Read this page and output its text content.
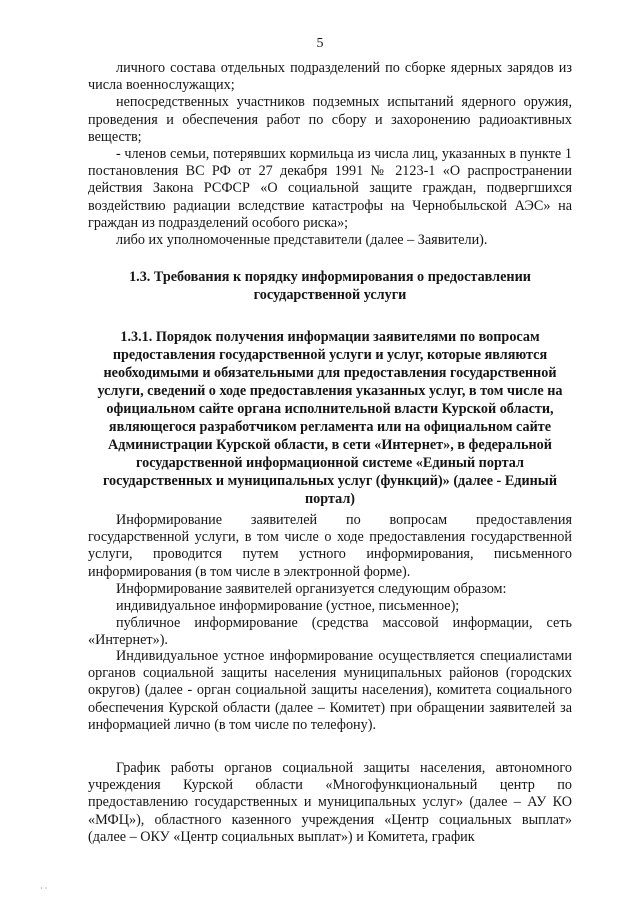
5

личного состава отдельных подразделений по сборке ядерных зарядов из числа военнослужащих;

непосредственных участников подземных испытаний ядерного оружия, проведения и обеспечения работ по сбору и захоронению радиоактивных веществ;

- членов семьи, потерявших кормильца из числа лиц, указанных в пункте 1 постановления ВС РФ от 27 декабря 1991 № 2123-1 «О распространении действия Закона РСФСР «О социальной защите граждан, подвергшихся воздействию радиации вследствие катастрофы на Чернобыльской АЭС» на граждан из подразделений особого риска»;

либо их уполномоченные представители (далее – Заявители).

1.3. Требования к порядку информирования о предоставлении государственной услуги
1.3.1. Порядок получения информации заявителями по вопросам предоставления государственной услуги и услуг, которые являются необходимыми и обязательными для предоставления государственной услуги, сведений о ходе предоставления указанных услуг, в том числе на официальном сайте органа исполнительной власти Курской области, являющегося разработчиком регламента или на официальном сайте Администрации Курской области, в сети «Интернет», в федеральной государственной информационной системе «Единый портал государственных и муниципальных услуг (функций)» (далее - Единый портал)

Информирование заявителей по вопросам предоставления государственной услуги, в том числе о ходе предоставления государственной услуги, проводится путем устного информирования, письменного информирования (в том числе в электронной форме).

Информирование заявителей организуется следующим образом:

индивидуальное информирование (устное, письменное);

публичное информирование (средства массовой информации, сеть «Интернет»).

Индивидуальное устное информирование осуществляется специалистами органов социальной защиты населения муниципальных районов (городских округов) (далее - орган социальной защиты населения), комитета социального обеспечения Курской области (далее – Комитет) при обращении заявителей за информацией лично (в том числе по телефону).

График работы органов социальной защиты населения, автономного учреждения Курской области «Многофункциональный центр по предоставлению государственных и муниципальных услуг» (далее – АУ КО «МФЦ»), областного казенного учреждения «Центр социальных выплат» (далее – ОКУ «Центр социальных выплат») и Комитета, график

· ·
